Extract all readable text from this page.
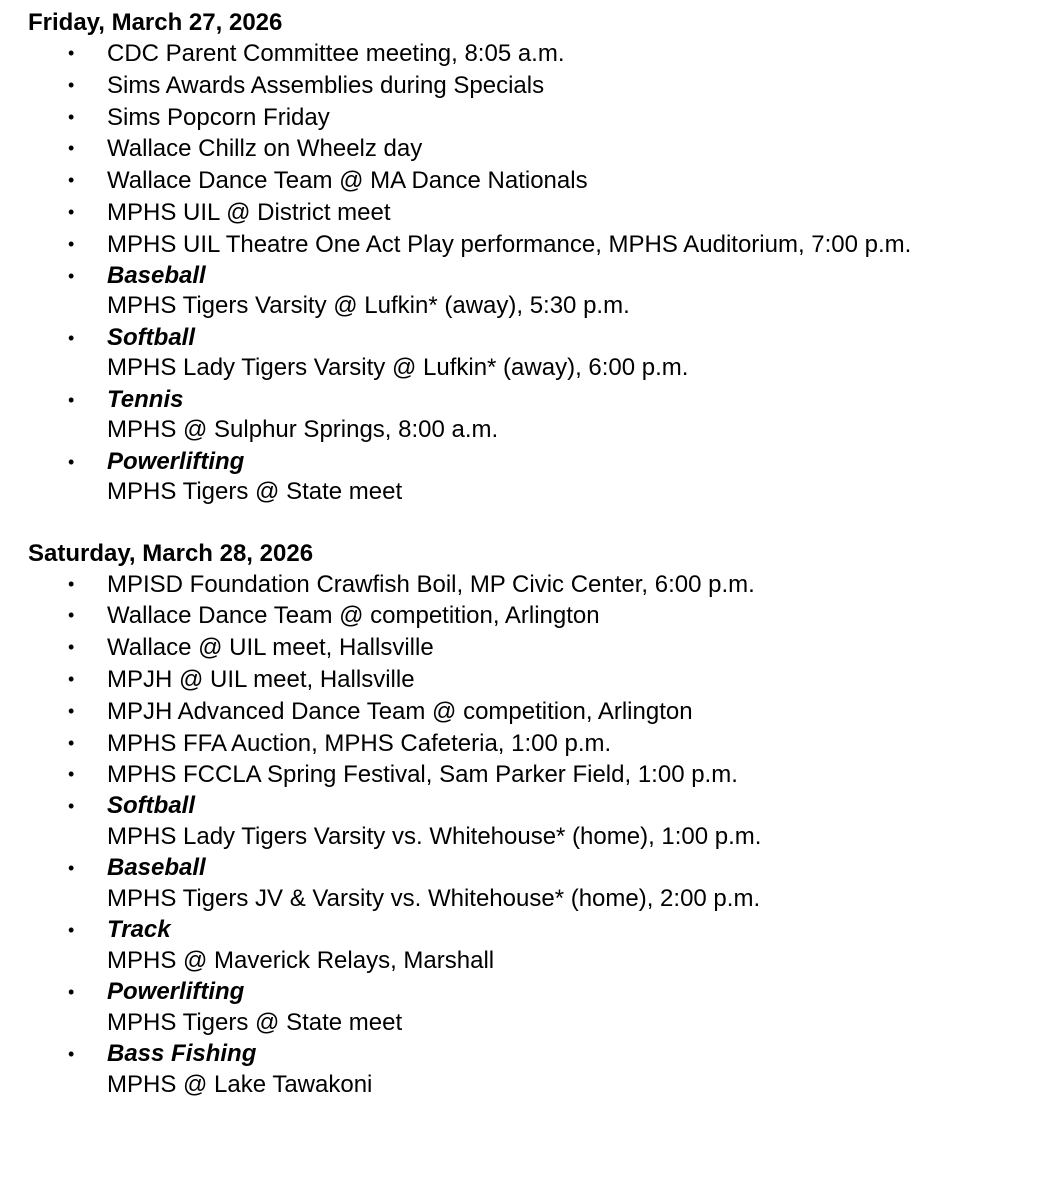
Friday, March 27, 2026
• CDC Parent Committee meeting, 8:05 a.m.
• Sims Awards Assemblies during Specials
• Sims Popcorn Friday
• Wallace Chillz on Wheelz day
• Wallace Dance Team @ MA Dance Nationals
• MPHS UIL @ District meet
• MPHS UIL Theatre One Act Play performance, MPHS Auditorium, 7:00 p.m.
• Baseball
MPHS Tigers Varsity @ Lufkin* (away), 5:30 p.m.
• Softball
MPHS Lady Tigers Varsity @ Lufkin* (away), 6:00 p.m.
• Tennis
MPHS @ Sulphur Springs, 8:00 a.m.
• Powerlifting
MPHS Tigers @ State meet
Saturday, March 28, 2026
• MPISD Foundation Crawfish Boil, MP Civic Center, 6:00 p.m.
• Wallace Dance Team @ competition, Arlington
• Wallace @ UIL meet, Hallsville
• MPJH @ UIL meet, Hallsville
• MPJH Advanced Dance Team @ competition, Arlington
• MPHS FFA Auction, MPHS Cafeteria, 1:00 p.m.
• MPHS FCCLA Spring Festival, Sam Parker Field, 1:00 p.m.
• Softball
MPHS Lady Tigers Varsity vs. Whitehouse* (home), 1:00 p.m.
• Baseball
MPHS Tigers JV & Varsity vs. Whitehouse* (home), 2:00 p.m.
• Track
MPHS @ Maverick Relays, Marshall
• Powerlifting
MPHS Tigers @ State meet
• Bass Fishing
MPHS @ Lake Tawakoni
